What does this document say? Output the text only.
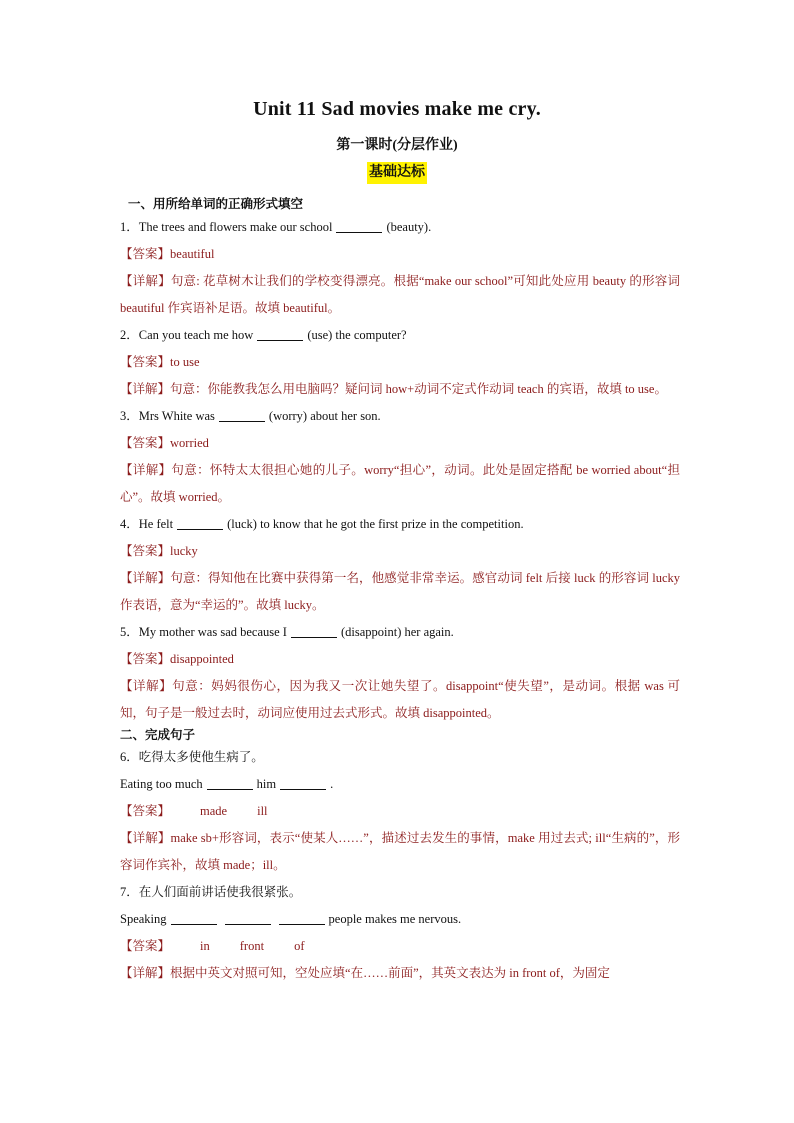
Unit 11 Sad movies make me cry.
第一课时(分层作业)
基础达标
一、用所给单词的正确形式填空
1．The trees and flowers make our school	(beauty).
【答案】beautiful
【详解】句意: 花草树木让我们的学校变得漂亮。根据“make our school”可知此处应用 beauty 的形容词 beautiful 作宾语补足语。故填 beautiful。
2．Can you teach me how	(use) the computer?
【答案】to use
【详解】句意：你能教我怎么用电脑吗？疑问词 how+动词不定式作动词 teach 的宾语，故填 to use。
3．Mrs White was	(worry) about her son.
【答案】worried
【详解】句意：怀特太太很担心她的儿子。worry“担心”，动词。此处是固定搭配 be worried about“担心”。故填 worried。
4．He felt	(luck) to know that he got the first prize in the competition.
【答案】lucky
【详解】句意：得知他在比赛中获得第一名，他感觉非常幸运。感官动词 felt 后接 luck 的形容词 lucky 作表语，意为“幸运的”。故填 lucky。
5．My mother was sad because I	(disappoint) her again.
【答案】disappointed
【详解】句意：妈妈很伤心，因为我又一次让她失望了。disappoint“使失望”，是动词。根据 was 可知，句子是一般过去时，动词应使用过去式形式。故填 disappointed。
二、完成句子
6．吃得太多使他生病了。
Eating too much	him	.
【答案】 made ill
【详解】make sb+形容词，表示“使某人……”，描述过去发生的事情，make 用过去式; ill“生病的”，形容词作宾补，故填 made；ill。
7．在人们面前讲话使我很紧张。
Speaking	people makes me nervous.
【答案】 in front of
【详解】根据中英文对照可知，空处应填“在……前面”，其英文表达为 in front of，为固定
